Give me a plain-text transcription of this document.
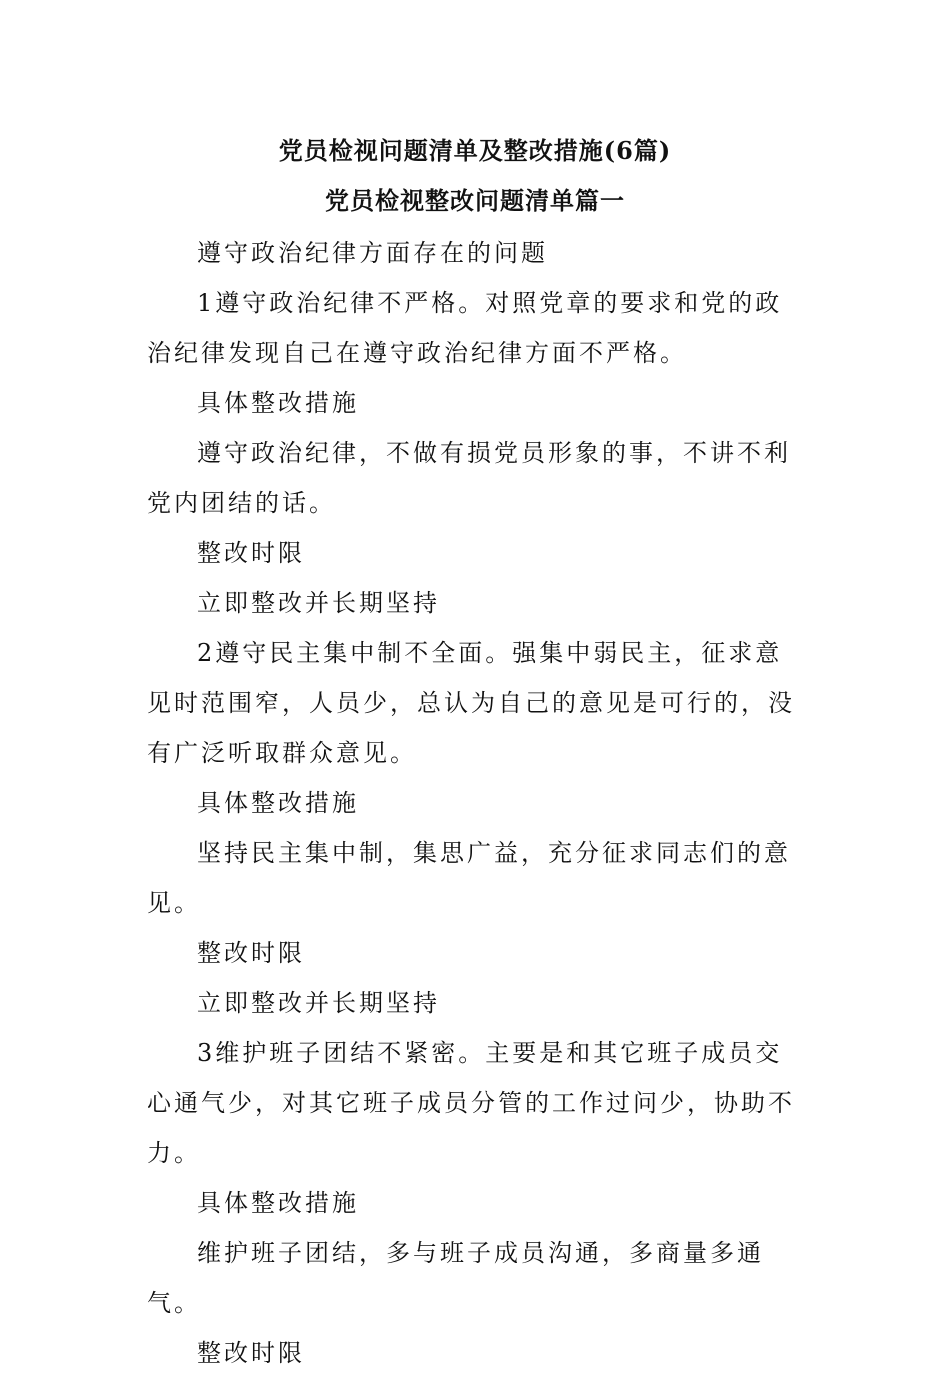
党员检视问题清单及整改措施(6篇)
党员检视整改问题清单篇一

遵守政治纪律方面存在的问题

1遵守政治纪律不严格。对照党章的要求和党的政治纪律发现自己在遵守政治纪律方面不严格。

具体整改措施

遵守政治纪律，不做有损党员形象的事，不讲不利党内团结的话。

整改时限

立即整改并长期坚持

2遵守民主集中制不全面。强集中弱民主，征求意见时范围窄，人员少，总认为自己的意见是可行的，没有广泛听取群众意见。

具体整改措施

坚持民主集中制，集思广益，充分征求同志们的意见。

整改时限

立即整改并长期坚持

3维护班子团结不紧密。主要是和其它班子成员交心通气少，对其它班子成员分管的工作过问少，协助不力。

具体整改措施

维护班子团结，多与班子成员沟通，多商量多通气。

整改时限
